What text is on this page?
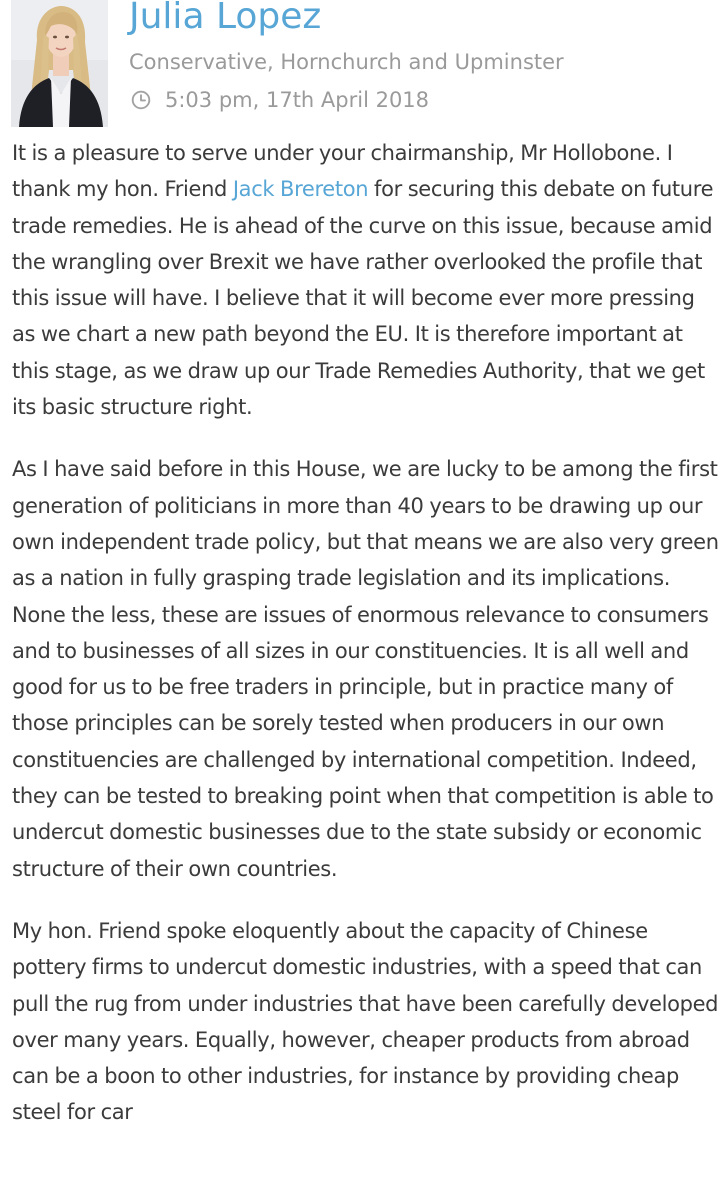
Julia Lopez
Conservative, Hornchurch and Upminster
5:03 pm, 17th April 2018

It is a pleasure to serve under your chairmanship, Mr Hollobone. I thank my hon. Friend Jack Brereton for securing this debate on future trade remedies. He is ahead of the curve on this issue, because amid the wrangling over Brexit we have rather overlooked the profile that this issue will have. I believe that it will become ever more pressing as we chart a new path beyond the EU. It is therefore important at this stage, as we draw up our Trade Remedies Authority, that we get its basic structure right.

As I have said before in this House, we are lucky to be among the first generation of politicians in more than 40 years to be drawing up our own independent trade policy, but that means we are also very green as a nation in fully grasping trade legislation and its implications. None the less, these are issues of enormous relevance to consumers and to businesses of all sizes in our constituencies. It is all well and good for us to be free traders in principle, but in practice many of those principles can be sorely tested when producers in our own constituencies are challenged by international competition. Indeed, they can be tested to breaking point when that competition is able to undercut domestic businesses due to the state subsidy or economic structure of their own countries.

My hon. Friend spoke eloquently about the capacity of Chinese pottery firms to undercut domestic industries, with a speed that can pull the rug from under industries that have been carefully developed over many years. Equally, however, cheaper products from abroad can be a boon to other industries, for instance by providing cheap steel for car
